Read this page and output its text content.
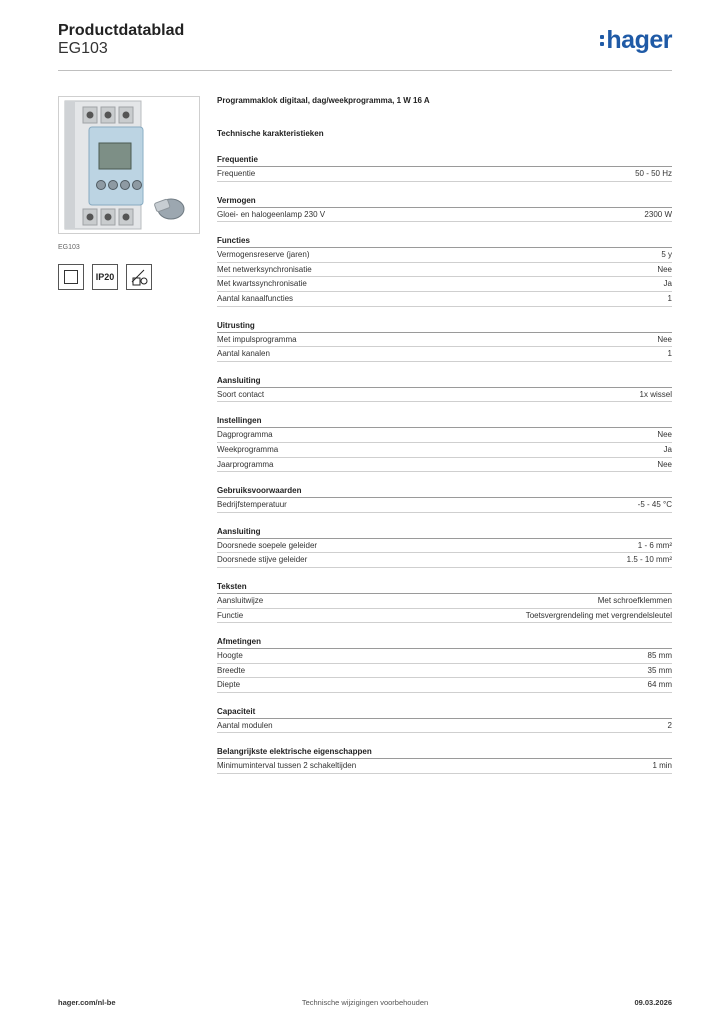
Productdatablad
EG103	hager
EG103
IP20
Programmaklok digitaal, dag/weekprogramma, 1 W 16 A
Technische karakteristieken
Frequentie
Frequentie	50 - 50 Hz
Vermogen
Gloei- en halogeenlamp 230 V	2300 W
Functies
Vermogensreserve (jaren)	5 y
Met netwerksynchronisatie	Nee
Met kwartssynchronisatie	Ja
Aantal kanaalfuncties	1
Uitrusting
Met impulsprogramma	Nee
Aantal kanalen	1
Aansluiting
Soort contact	1x wissel
Instellingen
Dagprogramma	Nee
Weekprogramma	Ja
Jaarprogramma	Nee
Gebruiksvoorwaarden
Bedrijfstemperatuur	-5 - 45 °C
Aansluiting
Doorsnede soepele geleider	1 - 6 mm²
Doorsnede stijve geleider	1.5 - 10 mm²
Teksten
Aansluitwijze	Met schroefklemmen
Functie	Toetsvergrendeling met vergrendelsleutel
Afmetingen
Hoogte	85 mm
Breedte	35 mm
Diepte	64 mm
Capaciteit
Aantal modulen	2
Belangrijkste elektrische eigenschappen
Minimuminterval tussen 2 schakeltijden	1 min
hager.com/nl-be	Technische wijzigingen voorbehouden	09.03.2026
